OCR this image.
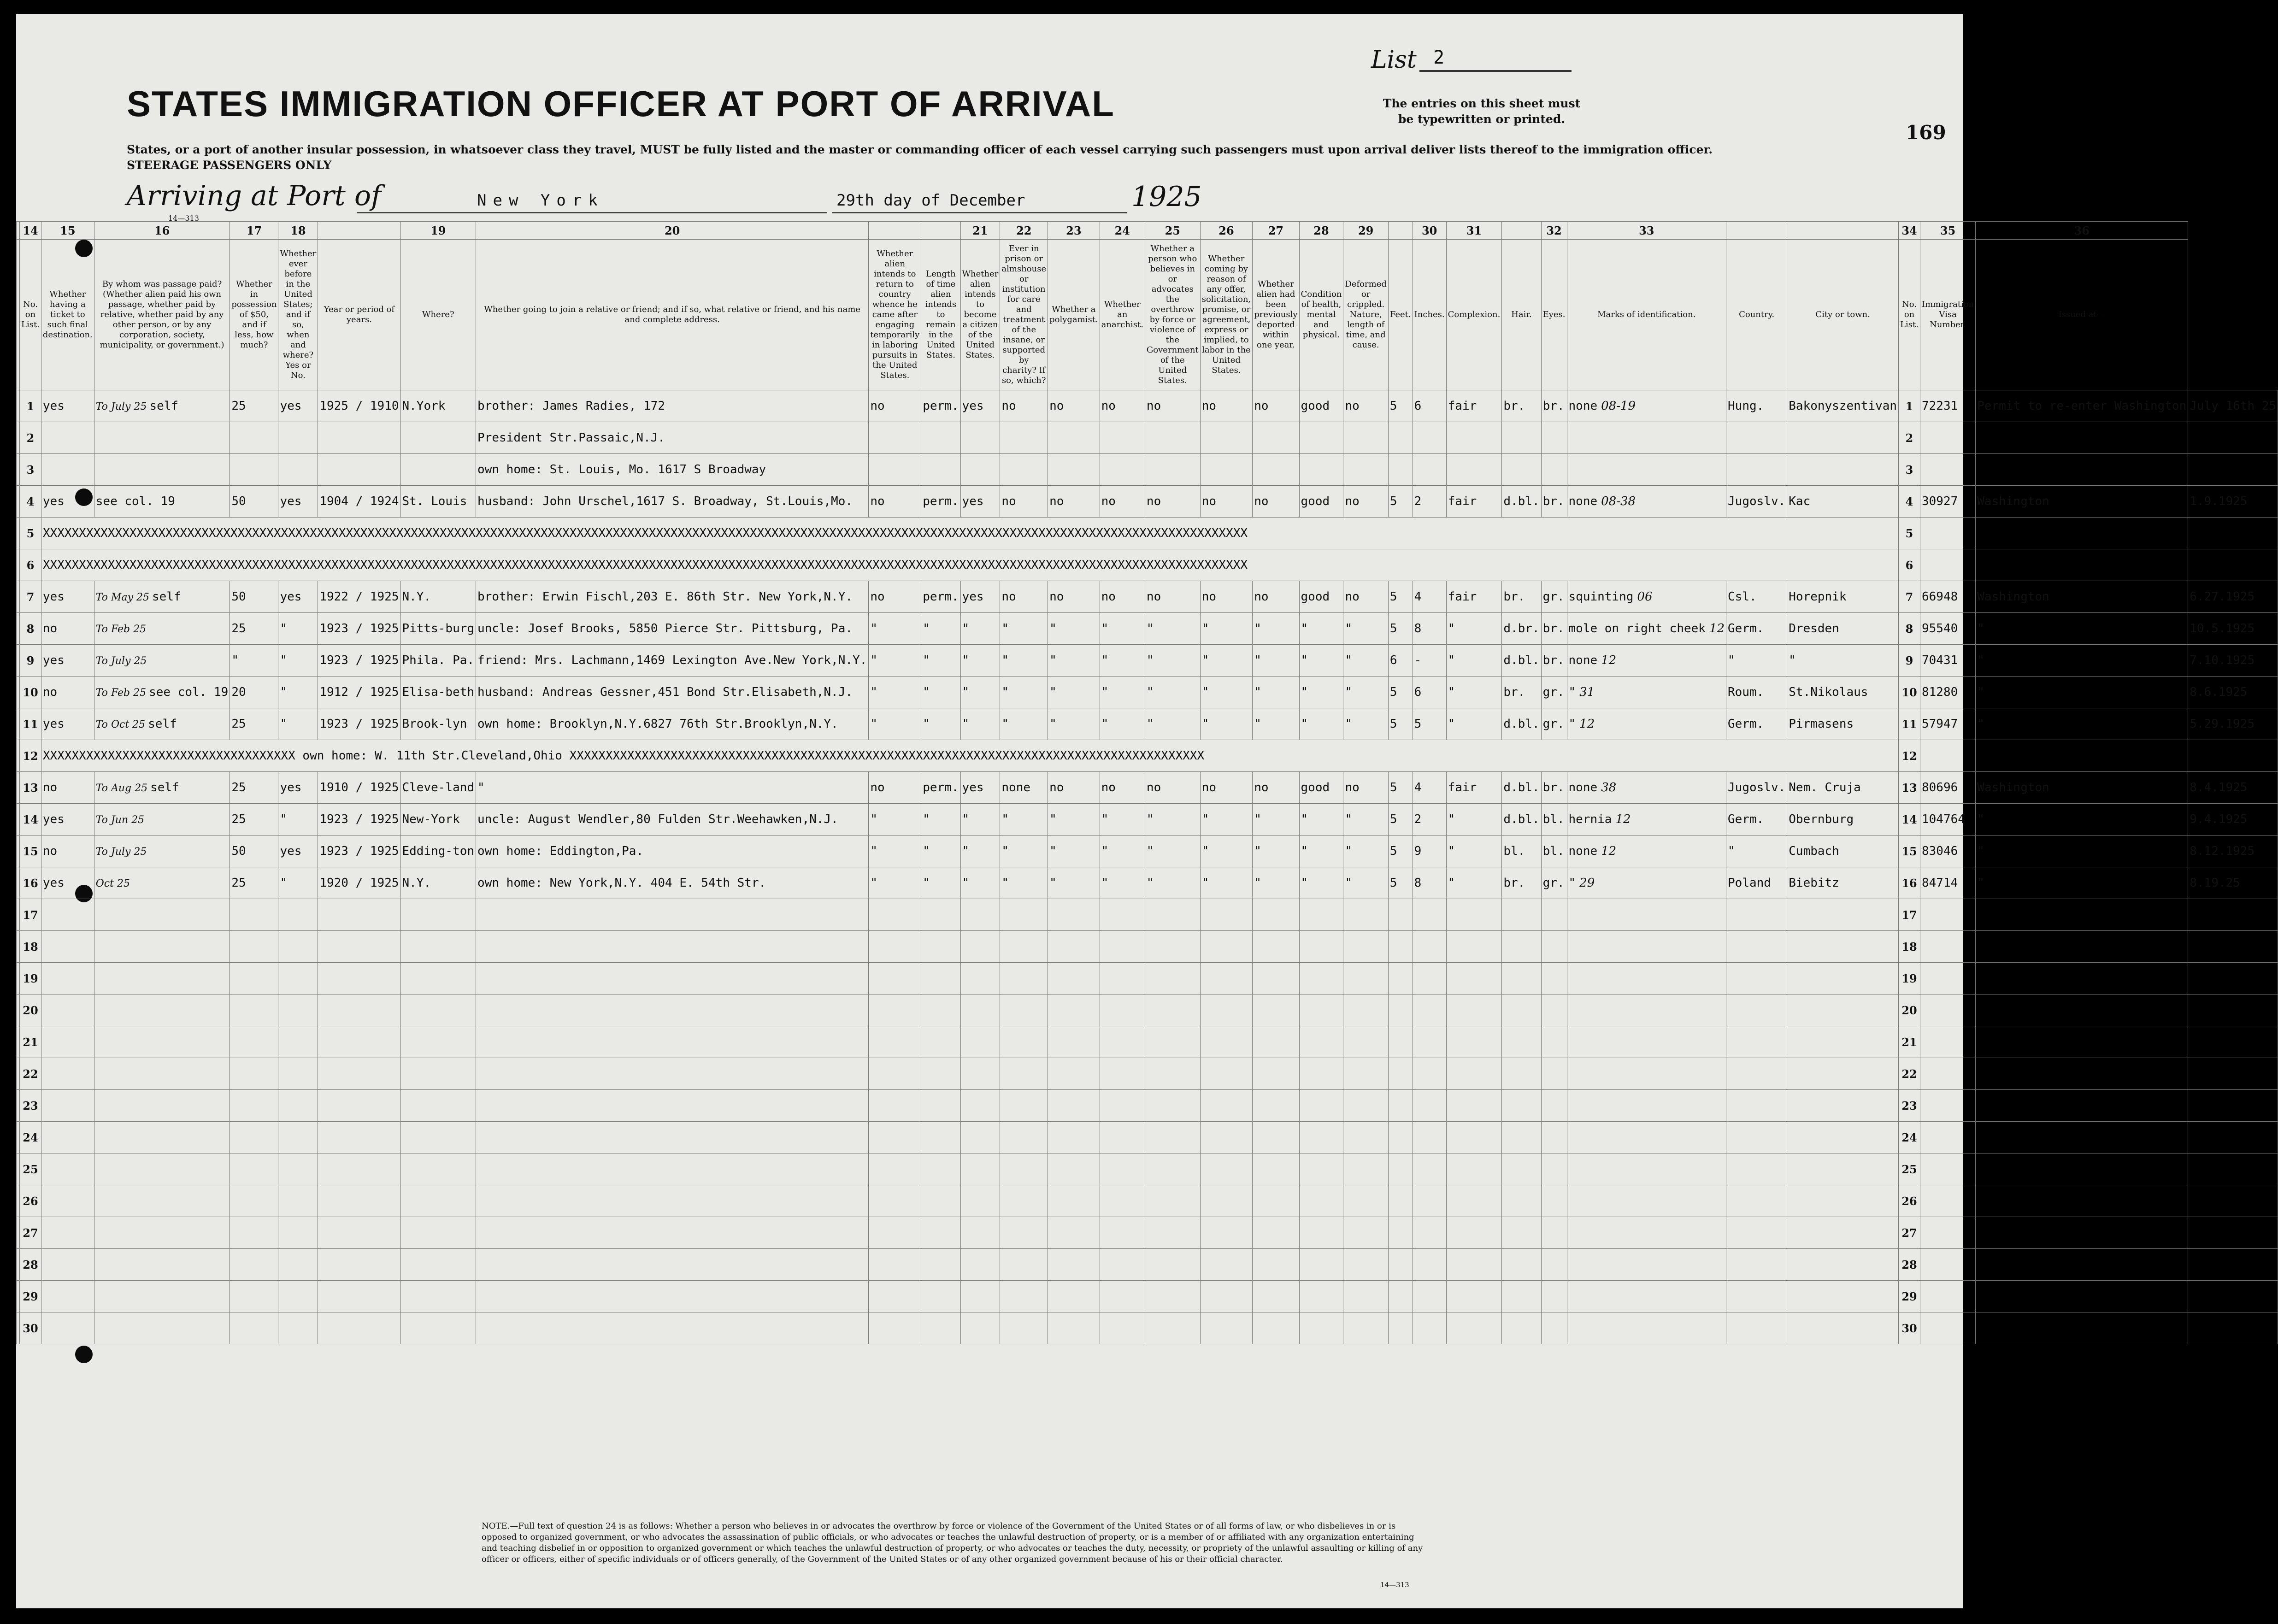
List 2
STATES IMMIGRATION OFFICER AT PORT OF ARRIVAL	The entries on this sheet must
be typewritten or printed.
169
States, or a port of another insular possession, in whatsoever class they travel, MUST be fully listed and the master or commanding officer of each vessel carrying such passengers must upon arrival deliver lists thereof to the immigration officer.
STEERAGE PASSENGERS ONLY
Arriving at Port of	New York	29th day of December	1925
14—313
	14	15	16	17	18		19	20			21	22	23	24	25	26	27	28	29		30	31		32	33			34	35	36	
	No. on List.	Whether having a ticket to such final destination.	By whom was passage paid? (Whether alien paid his own passage, whether paid by relative, whether paid by any other person, or by any corporation, society, municipality, or government.)	Whether in possession of $50, and if less, how much?	Whether ever before in the United States; and if so, when and where? Yes or No.	Year or period of years.	Where?	Whether going to join a relative or friend; and if so, what relative or friend, and his name and complete address.	Whether alien intends to return to country whence he came after engaging temporarily in laboring pursuits in the United States.	Length of time alien intends to remain in the United States.	Whether alien intends to become a citizen of the United States.	Ever in prison or almshouse or institution for care and treatment of the insane, or supported by charity? If so, which?	Whether a polygamist.	Whether an anarchist.	Whether a person who believes in or advocates the overthrow by force or violence of the Government of the United States.	Whether coming by reason of any offer, solicitation, promise, or agreement, express or implied, to labor in the United States.	Whether alien had been previously deported within one year.	Condition of health, mental and physical.	Deformed or crippled. Nature, length of time, and cause.	Feet.	Inches.	Complexion.	Hair.	Eyes.	Marks of identification.	Country.	City or town.	No. on List.	Immigration Visa Number.	Issued at—	
	1	yes	To July 25 self	25	yes	1925 / 1910	N.York	brother: James Radies, 172	no	perm.	yes	no	no	no	no	no	no	good	no	5	6	fair	br.	br.	none 08-19	Hung.	Bakonyszentivan	1	72231	Permit to re-enter Washington	July 16th 25
	2							President Str.Passaic,N.J.																				2			
	3							own home: St. Louis, Mo. 1617 S Broadway																				3			
	4	yes	see col. 19	50	yes	1904 / 1924	St. Louis	husband: John Urschel,1617 S. Broadway, St.Louis,Mo.	no	perm.	yes	no	no	no	no	no	no	good	no	5	2	fair	d.bl.	br.	none 08-38	Jugoslv.	Kac	4	30927	Washington	1.9.1925
	5	XXXXXXXXXXXXXXXXXXXXXXXXXXXXXXXXXXXXXXXXXXXXXXXXXXXXXXXXXXXXXXXXXXXXXXXXXXXXXXXXXXXXXXXXXXXXXXXXXXXXXXXXXXXXXXXXXXXXXXXXXXXXXXXXXXXXXXXXXXXXXXXXXXXXXXXXXXXXXXXXXXXXXXX																										5			
	6	XXXXXXXXXXXXXXXXXXXXXXXXXXXXXXXXXXXXXXXXXXXXXXXXXXXXXXXXXXXXXXXXXXXXXXXXXXXXXXXXXXXXXXXXXXXXXXXXXXXXXXXXXXXXXXXXXXXXXXXXXXXXXXXXXXXXXXXXXXXXXXXXXXXXXXXXXXXXXXXXXXXXXXX																										6			
	7	yes	To May 25 self	50	yes	1922 / 1925	N.Y.	brother: Erwin Fischl,203 E. 86th Str. New York,N.Y.	no	perm.	yes	no	no	no	no	no	no	good	no	5	4	fair	br.	gr.	squinting 06	Csl.	Horepnik	7	66948	Washington	6.27.1925
	8	no	To Feb 25	25	"	1923 / 1925	Pitts-burg	uncle: Josef Brooks, 5850 Pierce Str. Pittsburg, Pa.	"	"	"	"	"	"	"	"	"	"	"	5	8	"	d.br.	br.	mole on right cheek 12	Germ.	Dresden	8	95540	"	10.5.1925
	9	yes	To July 25	"	"	1923 / 1925	Phila. Pa.	friend: Mrs. Lachmann,1469 Lexington Ave.New York,N.Y.	"	"	"	"	"	"	"	"	"	"	"	6	-	"	d.bl.	br.	none 12	"	"	9	70431	"	7.10.1925
	10	no	To Feb 25 see col. 19	20	"	1912 / 1925	Elisa-beth	husband: Andreas Gessner,451 Bond Str.Elisabeth,N.J.	"	"	"	"	"	"	"	"	"	"	"	5	6	"	br.	gr.	" 31	Roum.	St.Nikolaus	10	81280	"	8.6.1925
	11	yes	To Oct 25 self	25	"	1923 / 1925	Brook-lyn	own home: Brooklyn,N.Y.6827 76th Str.Brooklyn,N.Y.	"	"	"	"	"	"	"	"	"	"	"	5	5	"	d.bl.	gr.	" 12	Germ.	Pirmasens	11	57947	"	5.29.1925
	12	XXXXXXXXXXXXXXXXXXXXXXXXXXXXXXXXXXX own home: W. 11th Str.Cleveland,Ohio XXXXXXXXXXXXXXXXXXXXXXXXXXXXXXXXXXXXXXXXXXXXXXXXXXXXXXXXXXXXXXXXXXXXXXXXXXXXXXXXXXXXXXXX																										12			
	13	no	To Aug 25 self	25	yes	1910 / 1925	Cleve-land	"	no	perm.	yes	none	no	no	no	no	no	good	no	5	4	fair	d.bl.	br.	none 38	Jugoslv.	Nem. Cruja	13	80696	Washington	8.4.1925
	14	yes	To Jun 25	25	"	1923 / 1925	New-York	uncle: August Wendler,80 Fulden Str.Weehawken,N.J.	"	"	"	"	"	"	"	"	"	"	"	5	2	"	d.bl.	bl.	hernia 12	Germ.	Obernburg	14	104764	"	9.4.1925
	15	no	To July 25	50	yes	1923 / 1925	Edding-ton	own home: Eddington,Pa.	"	"	"	"	"	"	"	"	"	"	"	5	9	"	bl.	bl.	none 12	"	Cumbach	15	83046	"	8.12.1925
	16	yes	Oct 25	25	"	1920 / 1925	N.Y.	own home: New York,N.Y. 404 E. 54th Str.	"	"	"	"	"	"	"	"	"	"	"	5	8	"	br.	gr.	" 29	Poland	Biebitz	16	84714	"	8.19.25
	17																											17			
	18																											18			
	19																											19			
	20																											20			
	21																											21			
	22																											22			
	23																											23			
	24																											24			
	25																											25			
	26																											26			
	27																											27			
	28																											28			
	29																											29			
	30																											30			
NOTE.—Full text of question 24 is as follows: Whether a person who believes in or advocates the overthrow by force or violence of the Government of the United States or of all forms of law, or who disbelieves in or is opposed to organized government, or who advocates the assassination of public officials, or who advocates or teaches the unlawful destruction of property, or is a member of or affiliated with any organization entertaining and teaching disbelief in or opposition to organized government or which teaches the unlawful destruction of property, or who advocates or teaches the duty, necessity, or propriety of the unlawful assaulting or killing of any officer or officers, either of specific individuals or of officers generally, of the Government of the United States or of any other organized government because of his or their official character.
14—313
